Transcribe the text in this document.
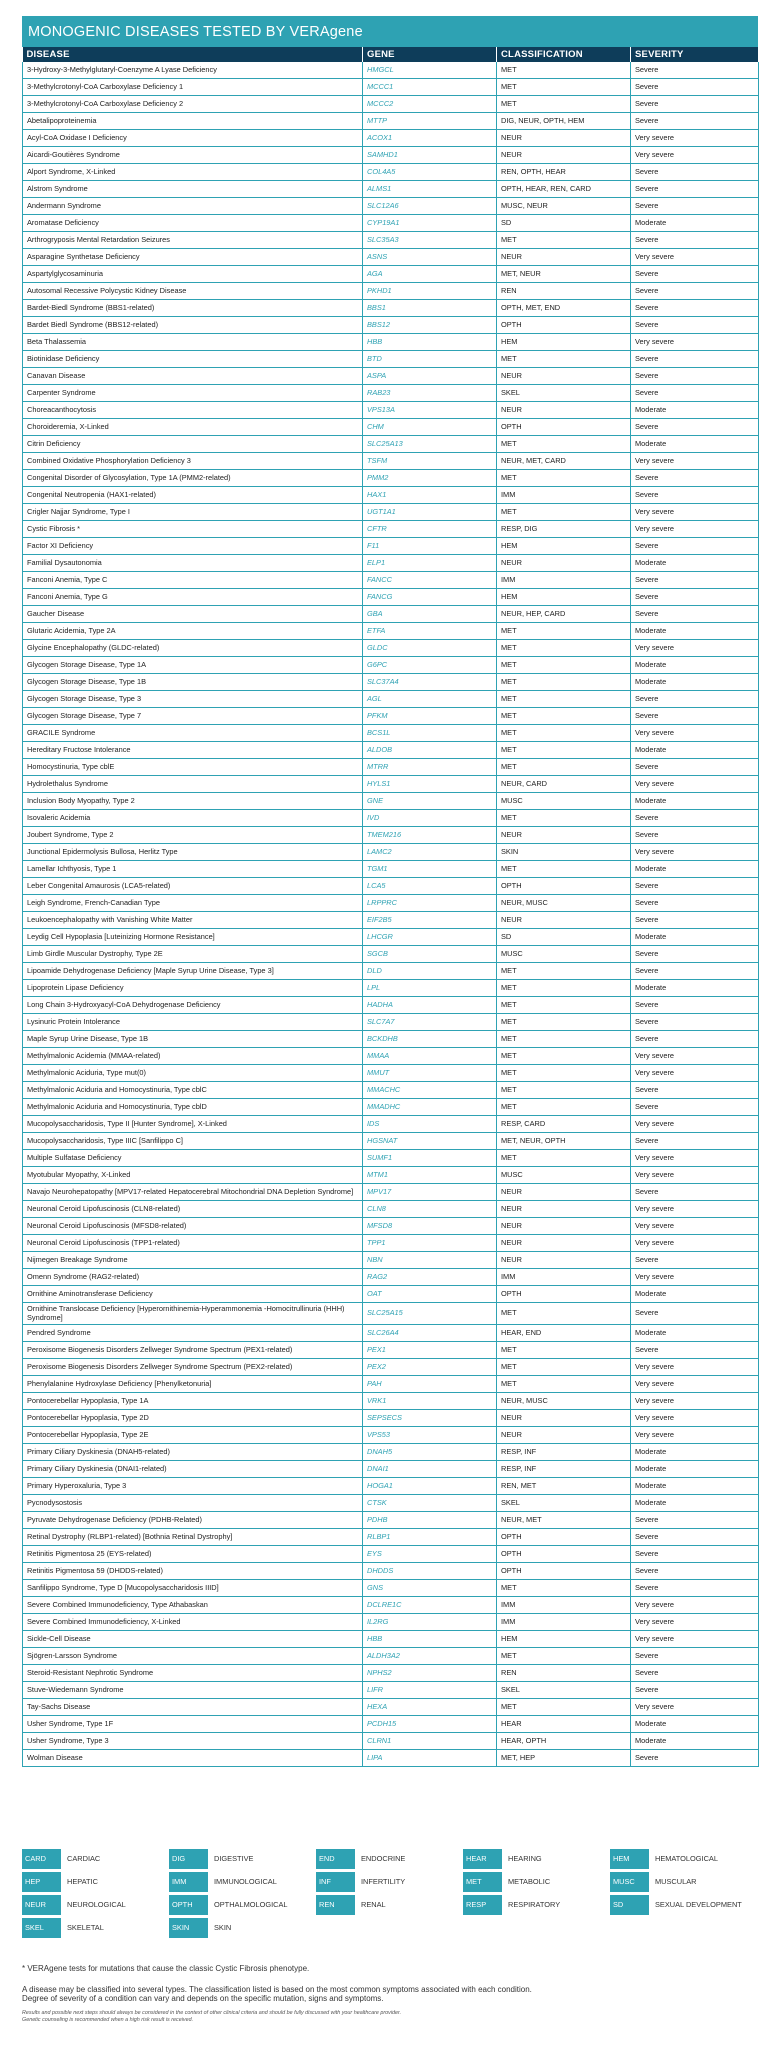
MONOGENIC DISEASES TESTED BY VERAgene
DISEASE	GENE	CLASSIFICATION	SEVERITY
3-Hydroxy-3-Methylglutaryl-Coenzyme A Lyase Deficiency	HMGCL	MET	Severe
3-Methylcrotonyl-CoA Carboxylase Deficiency 1	MCCC1	MET	Severe
3-Methylcrotonyl-CoA Carboxylase Deficiency 2	MCCC2	MET	Severe
Abetalipoproteinemia	MTTP	DIG, NEUR, OPTH, HEM	Severe
Acyl-CoA Oxidase I Deficiency	ACOX1	NEUR	Very severe
Aicardi-Goutières Syndrome	SAMHD1	NEUR	Very severe
Alport Syndrome, X-Linked	COL4A5	REN, OPTH, HEAR	Severe
Alstrom Syndrome	ALMS1	OPTH, HEAR, REN, CARD	Severe
Andermann Syndrome	SLC12A6	MUSC, NEUR	Severe
Aromatase Deficiency	CYP19A1	SD	Moderate
Arthrogryposis Mental Retardation Seizures	SLC35A3	MET	Severe
Asparagine Synthetase Deficiency	ASNS	NEUR	Very severe
Aspartylglycosaminuria	AGA	MET, NEUR	Severe
Autosomal Recessive Polycystic Kidney Disease	PKHD1	REN	Severe
Bardet-Biedl Syndrome (BBS1-related)	BBS1	OPTH, MET, END	Severe
Bardet Biedl Syndrome (BBS12-related)	BBS12	OPTH	Severe
Beta Thalassemia	HBB	HEM	Very severe
Biotinidase Deficiency	BTD	MET	Severe
Canavan Disease	ASPA	NEUR	Severe
Carpenter Syndrome	RAB23	SKEL	Severe
Choreacanthocytosis	VPS13A	NEUR	Moderate
Choroideremia, X-Linked	CHM	OPTH	Severe
Citrin Deficiency	SLC25A13	MET	Moderate
Combined Oxidative Phosphorylation Deficiency 3	TSFM	NEUR, MET, CARD	Very severe
Congenital Disorder of Glycosylation, Type 1A (PMM2-related)	PMM2	MET	Severe
Congenital Neutropenia (HAX1-related)	HAX1	IMM	Severe
Crigler Najjar Syndrome, Type I	UGT1A1	MET	Very severe
Cystic Fibrosis *	CFTR	RESP, DIG	Very severe
Factor XI Deficiency	F11	HEM	Severe
Familial Dysautonomia	ELP1	NEUR	Moderate
Fanconi Anemia, Type C	FANCC	IMM	Severe
Fanconi Anemia, Type G	FANCG	HEM	Severe
Gaucher Disease	GBA	NEUR, HEP, CARD	Severe
Glutaric Acidemia, Type 2A	ETFA	MET	Moderate
Glycine Encephalopathy (GLDC-related)	GLDC	MET	Very severe
Glycogen Storage Disease, Type 1A	G6PC	MET	Moderate
Glycogen Storage Disease, Type 1B	SLC37A4	MET	Moderate
Glycogen Storage Disease, Type 3	AGL	MET	Severe
Glycogen Storage Disease, Type 7	PFKM	MET	Severe
GRACILE Syndrome	BCS1L	MET	Very severe
Hereditary Fructose Intolerance	ALDOB	MET	Moderate
Homocystinuria, Type cblE	MTRR	MET	Severe
Hydrolethalus Syndrome	HYLS1	NEUR, CARD	Very severe
Inclusion Body Myopathy, Type 2	GNE	MUSC	Moderate
Isovaleric Acidemia	IVD	MET	Severe
Joubert Syndrome, Type 2	TMEM216	NEUR	Severe
Junctional Epidermolysis Bullosa, Herlitz Type	LAMC2	SKIN	Very severe
Lamellar Ichthyosis, Type 1	TGM1	MET	Moderate
Leber Congenital Amaurosis (LCA5-related)	LCA5	OPTH	Severe
Leigh Syndrome, French-Canadian Type	LRPPRC	NEUR, MUSC	Severe
Leukoencephalopathy with Vanishing White Matter	EIF2B5	NEUR	Severe
Leydig Cell Hypoplasia [Luteinizing Hormone Resistance]	LHCGR	SD	Moderate
Limb Girdle Muscular Dystrophy, Type 2E	SGCB	MUSC	Severe
Lipoamide Dehydrogenase Deficiency [Maple Syrup Urine Disease, Type 3]	DLD	MET	Severe
Lipoprotein Lipase Deficiency	LPL	MET	Moderate
Long Chain 3-Hydroxyacyl-CoA Dehydrogenase Deficiency	HADHA	MET	Severe
Lysinuric Protein Intolerance	SLC7A7	MET	Severe
Maple Syrup Urine Disease, Type 1B	BCKDHB	MET	Severe
Methylmalonic Acidemia (MMAA-related)	MMAA	MET	Very severe
Methylmalonic Aciduria, Type mut(0)	MMUT	MET	Very severe
Methylmalonic Aciduria and Homocystinuria, Type cblC	MMACHC	MET	Severe
Methylmalonic Aciduria and Homocystinuria, Type cblD	MMADHC	MET	Severe
Mucopolysaccharidosis, Type II [Hunter Syndrome], X-Linked	IDS	RESP, CARD	Very severe
Mucopolysaccharidosis, Type IIIC [Sanfilippo C]	HGSNAT	MET, NEUR, OPTH	Severe
Multiple Sulfatase Deficiency	SUMF1	MET	Very severe
Myotubular Myopathy, X-Linked	MTM1	MUSC	Very severe
Navajo Neurohepatopathy [MPV17-related Hepatocerebral Mitochondrial DNA Depletion Syndrome]	MPV17	NEUR	Severe
Neuronal Ceroid Lipofuscinosis (CLN8-related)	CLN8	NEUR	Very severe
Neuronal Ceroid Lipofuscinosis (MFSD8-related)	MFSD8	NEUR	Very severe
Neuronal Ceroid Lipofuscinosis (TPP1-related)	TPP1	NEUR	Very severe
Nijmegen Breakage Syndrome	NBN	NEUR	Severe
Omenn Syndrome (RAG2-related)	RAG2	IMM	Very severe
Ornithine Aminotransferase Deficiency	OAT	OPTH	Moderate
Ornithine Translocase Deficiency [Hyperornithinemia-Hyperammonemia -Homocitrullinuria (HHH) Syndrome]	SLC25A15	MET	Severe
Pendred Syndrome	SLC26A4	HEAR, END	Moderate
Peroxisome Biogenesis Disorders Zellweger Syndrome Spectrum (PEX1-related)	PEX1	MET	Severe
Peroxisome Biogenesis Disorders Zellweger Syndrome Spectrum (PEX2-related)	PEX2	MET	Very severe
Phenylalanine Hydroxylase Deficiency [Phenylketonuria]	PAH	MET	Very severe
Pontocerebellar Hypoplasia, Type 1A	VRK1	NEUR, MUSC	Very severe
Pontocerebellar Hypoplasia, Type 2D	SEPSECS	NEUR	Very severe
Pontocerebellar Hypoplasia, Type 2E	VPS53	NEUR	Very severe
Primary Ciliary Dyskinesia (DNAH5-related)	DNAH5	RESP, INF	Moderate
Primary Ciliary Dyskinesia (DNAI1-related)	DNAI1	RESP, INF	Moderate
Primary Hyperoxaluria, Type 3	HOGA1	REN, MET	Moderate
Pycnodysostosis	CTSK	SKEL	Moderate
Pyruvate Dehydrogenase Deficiency (PDHB-Related)	PDHB	NEUR, MET	Severe
Retinal Dystrophy (RLBP1-related) [Bothnia Retinal Dystrophy]	RLBP1	OPTH	Severe
Retinitis Pigmentosa 25 (EYS-related)	EYS	OPTH	Severe
Retinitis Pigmentosa 59 (DHDDS-related)	DHDDS	OPTH	Severe
Sanfilippo Syndrome, Type D [Mucopolysaccharidosis IIID]	GNS	MET	Severe
Severe Combined Immunodeficiency, Type Athabaskan	DCLRE1C	IMM	Very severe
Severe Combined Immunodeficiency, X-Linked	IL2RG	IMM	Very severe
Sickle-Cell Disease	HBB	HEM	Very severe
Sjögren-Larsson Syndrome	ALDH3A2	MET	Severe
Steroid-Resistant Nephrotic Syndrome	NPHS2	REN	Severe
Stuve-Wiedemann Syndrome	LIFR	SKEL	Severe
Tay-Sachs Disease	HEXA	MET	Very severe
Usher Syndrome, Type 1F	PCDH15	HEAR	Moderate
Usher Syndrome, Type 3	CLRN1	HEAR, OPTH	Moderate
Wolman Disease	LIPA	MET, HEP	Severe
CARD	CARDIAC	DIG	DIGESTIVE	END	ENDOCRINE	HEAR	HEARING	HEM	HEMATOLOGICAL
HEP	HEPATIC	IMM	IMMUNOLOGICAL	INF	INFERTILITY	MET	METABOLIC	MUSC	MUSCULAR
NEUR	NEUROLOGICAL	OPTH	OPTHALMOLOGICAL	REN	RENAL	RESP	RESPIRATORY	SD	SEXUAL DEVELOPMENT
SKEL	SKELETAL	SKIN	SKIN

* VERAgene tests for mutations that cause the classic Cystic Fibrosis phenotype.

A disease may be classified into several types. The classification listed is based on the most common symptoms associated with each condition.

Degree of severity of a condition can vary and depends on the specific mutation, signs and symptoms.

Results and possible next steps should always be considered in the context of other clinical criteria and should be fully discussed with your healthcare provider.

Genetic counseling is recommended when a high risk result is received.
